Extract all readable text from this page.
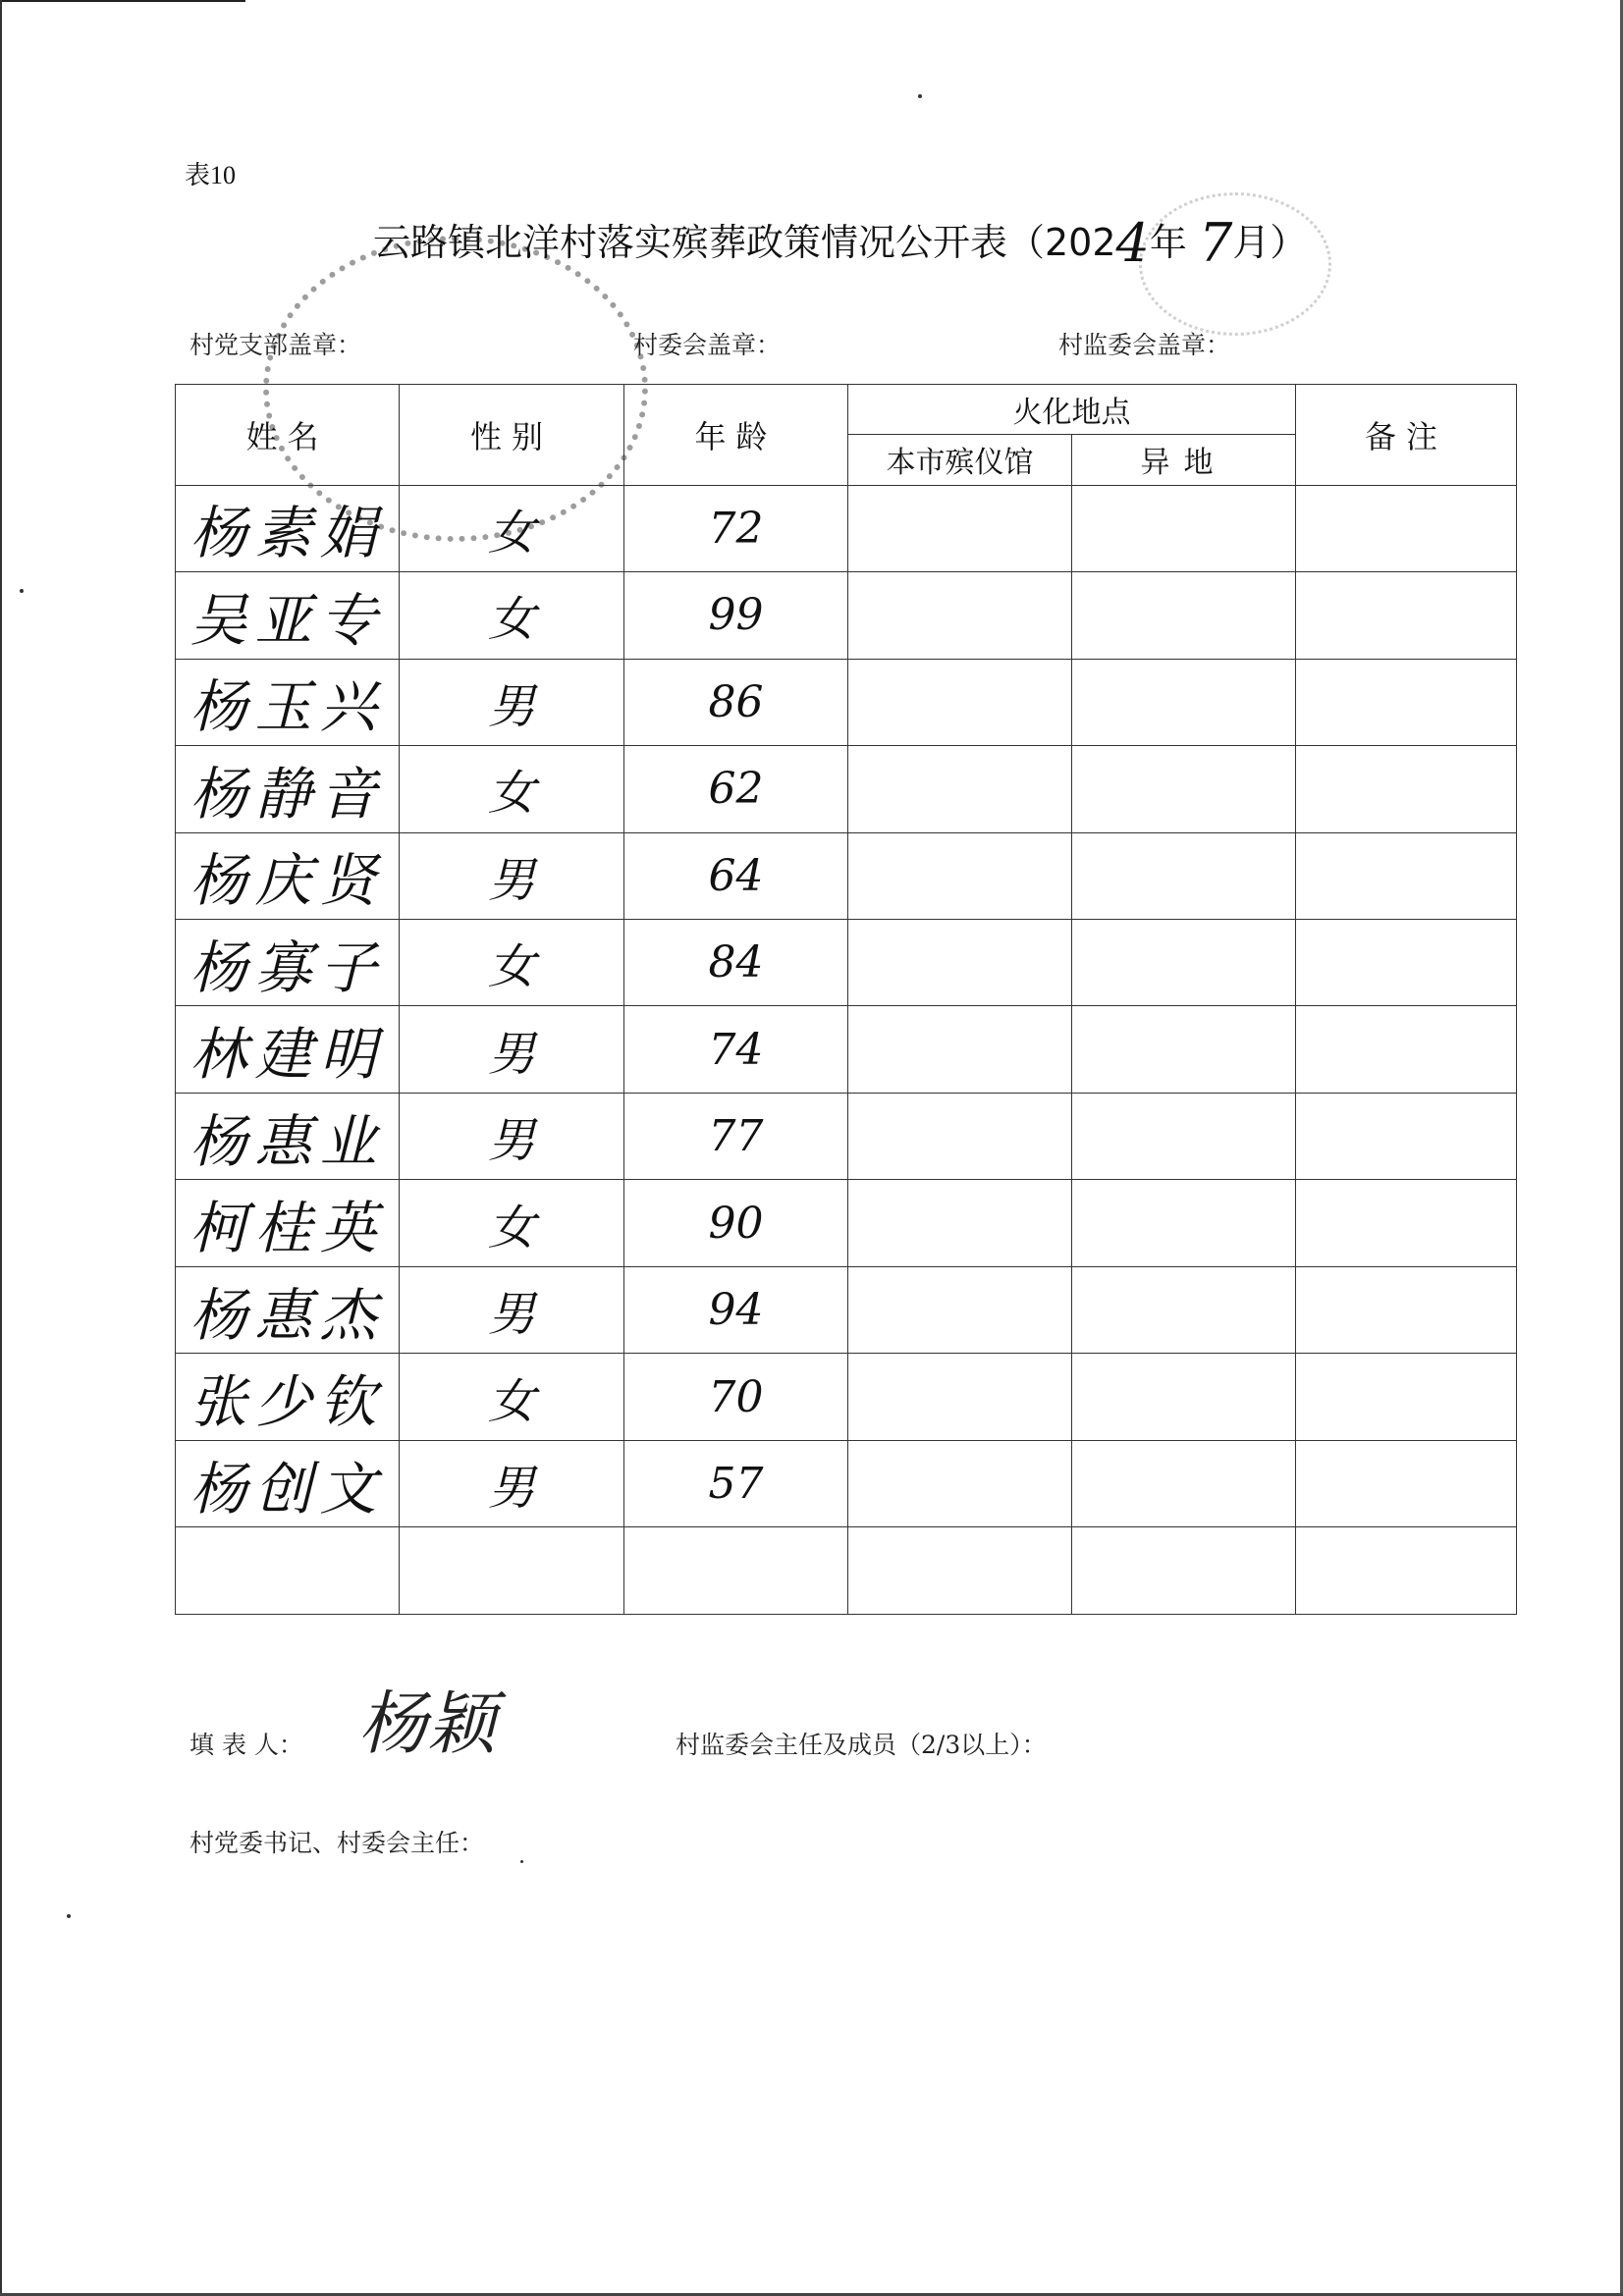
表10
云路镇北洋村落实殡葬政策情况公开表（2024年 7月）
村党支部盖章：	村委会盖章：	村监委会盖章：
姓名	性别	年龄	火化地点		备注
			本市殡仪馆	异地	
杨素娟	女	72			
吴亚专	女	99			
杨玉兴	男	86			
杨静音	女	62			
杨庆贤	男	64			
杨寡子	女	84			
林建明	男	74			
杨惠业	男	77			
柯桂英	女	90			
杨惠杰	男	94			
张少钦	女	70			
杨创文	男	57			

填 表 人： 杨颖	村监委会主任及成员（2/3以上）：
村党委书记、村委会主任：
